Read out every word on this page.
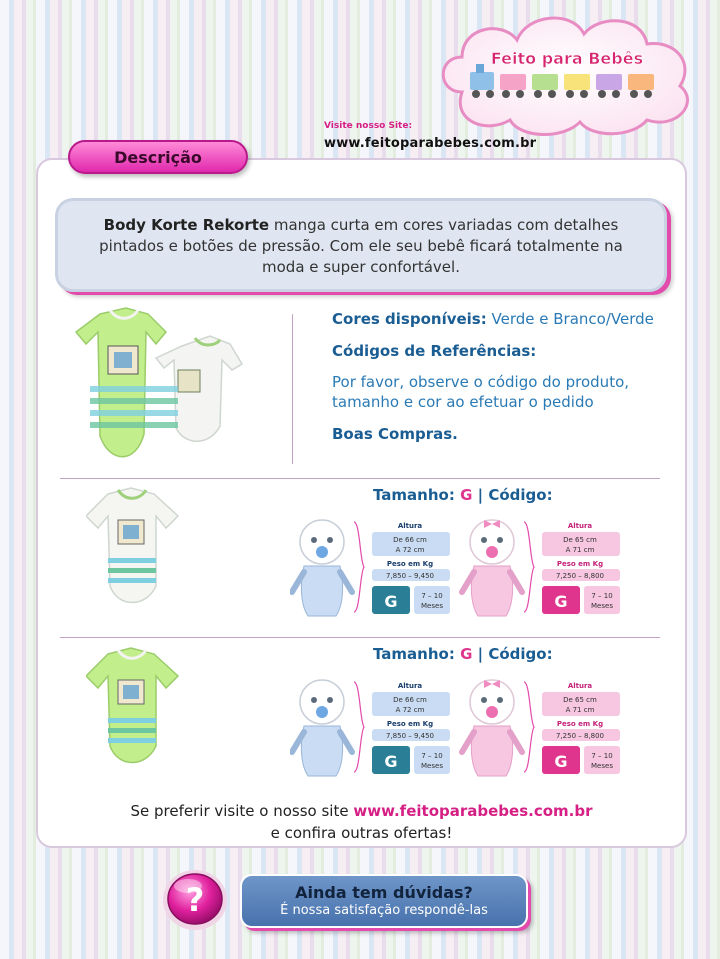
Feito para Bebês
Visite nosso Site:
www.feitoparabebes.com.br
Descrição
Body Korte Rekorte manga curta em cores variadas com detalhes pintados e botões de pressão. Com ele seu bebê ficará totalmente na moda e super confortável.
Cores disponíveis: Verde e Branco/Verde
Códigos de Referências:
Por favor, observe o código do produto, tamanho e cor ao efetuar o pedido
Boas Compras.
Tamanho: G | Código:
Altura
De 66 cm
A 72 cm
Peso em Kg
7,850 – 9,450
G	7 – 10
Meses
Altura
De 65 cm
A 71 cm
Peso em Kg
7,250 – 8,800
G	7 – 10
Meses
Tamanho: G | Código:
Altura
De 66 cm
A 72 cm
Peso em Kg
7,850 – 9,450
G	7 – 10
Meses
Altura
De 65 cm
A 71 cm
Peso em Kg
7,250 – 8,800
G	7 – 10
Meses
Se preferir visite o nosso site www.feitoparabebes.com.br
e confira outras ofertas!
?	Ainda tem dúvidas?
É nossa satisfação respondê-las
